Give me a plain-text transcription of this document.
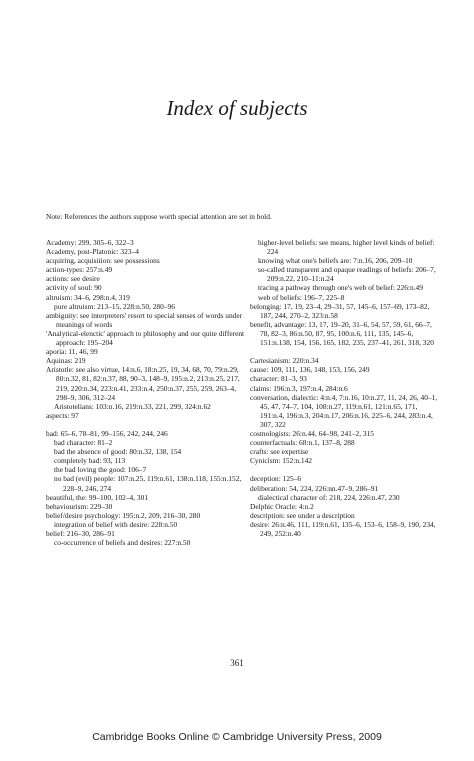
Index of subjects

Note: References the authors suppose worth special attention are set in bold.

Academy: 299, 305–6, 322–3

Academy, post-Platonic: 323–4

acquiring, acquisition: see possessions

action-types: 257:n.49

actions: see desire

activity of soul: 90

altruism: 34–6, 298:n.4, 319

pure altruism: 213–15, 228:n.50, 280–96

ambiguity: see interpreters' resort to special senses of words under meanings of words

'Analytical-elenctic' approach to philosophy and our quite different approach: 195–204

aporia: 11, 46, 99

Aquinas: 219

Aristotle: see also virtue, 14:n.6, 18:n.25, 19, 34, 68, 70, 79:n.29, 80:n.32, 81, 82:n.37, 88, 90–3, 148–9, 195:n.2, 213:n.25, 217, 219, 220:n.34, 223:n.41, 233:n.4, 250:n.37, 255, 259, 263–4, 298–9, 306, 312–24

Aristotelians: 103:n.16, 219:n.33, 221, 299, 324:n.62

aspects: 97

bad: 65–6, 78–81, 99–156, 242, 244, 246

bad character: 81–2

bad the absence of good: 80:n.32, 138, 154

completely bad: 93, 113

the bad loving the good: 106–7

no bad (evil) people: 107:n.25, 119:n.61, 138:n.118, 155:n.152, 228–9, 246, 274

beautiful, the: 99–100, 102–4, 301

behaviourism: 229–30

belief/desire psychology: 195:n.2, 209, 216–30, 280

integration of belief with desire: 228:n.50

belief: 216–30, 286–91

co-occurrence of beliefs and desires: 227:n.50

higher-level beliefs: see means, higher level kinds of belief: 224

knowing what one's beliefs are: 7:n.16, 206, 209–10

so-called transparent and opaque readings of beliefs: 206–7, 209:n.22, 210–11:n.24

tracing a pathway through one's web of belief: 226:n.49

web of beliefs: 196–7, 225–8

belonging: 17, 19, 23–4, 29–31, 57, 145–6, 157–69, 173–82, 187, 244, 270–2, 323:n.58

benefit, advantage: 13, 17, 19–20, 31–6, 54, 57, 59, 61, 66–7, 78, 82–3, 86:n.50, 87, 95, 100:n.6, 111, 135, 145–6, 151:n.138, 154, 156, 165, 182, 235, 237–41, 261, 318, 320

Cartesianism: 220:n.34

cause: 109, 111, 136, 148, 153, 156, 249

character: 81–3, 93

claims: 196:n.3, 197:n.4, 284:n.6

conversation, dialectic: 4:n.4, 7:n.16, 10:n.27, 11, 24, 26, 40–1, 45, 47, 74–7, 104, 108:n.27, 119:n.61, 121:n.65, 171, 191:n.4, 196:n.3, 204:n.17, 206:n.16, 225–6, 244, 283:n.4, 307, 322

cosmologists: 26:n.44, 64–98, 241–2, 315

counterfactuals: 68:n.1, 137–8, 288

crafts: see expertise

Cynicism: 152:n.142

deception: 125–6

deliberation: 54, 224, 226:nn.47–9, 286–91

dialectical character of: 218, 224, 226:n.47, 230

Delphic Oracle: 4:n.2

description: see under a description

desire: 26:n.46, 111, 119:n.61, 135–6, 153–6, 158–9, 190, 234, 249, 252:n.40

361
Cambridge Books Online © Cambridge University Press, 2009
